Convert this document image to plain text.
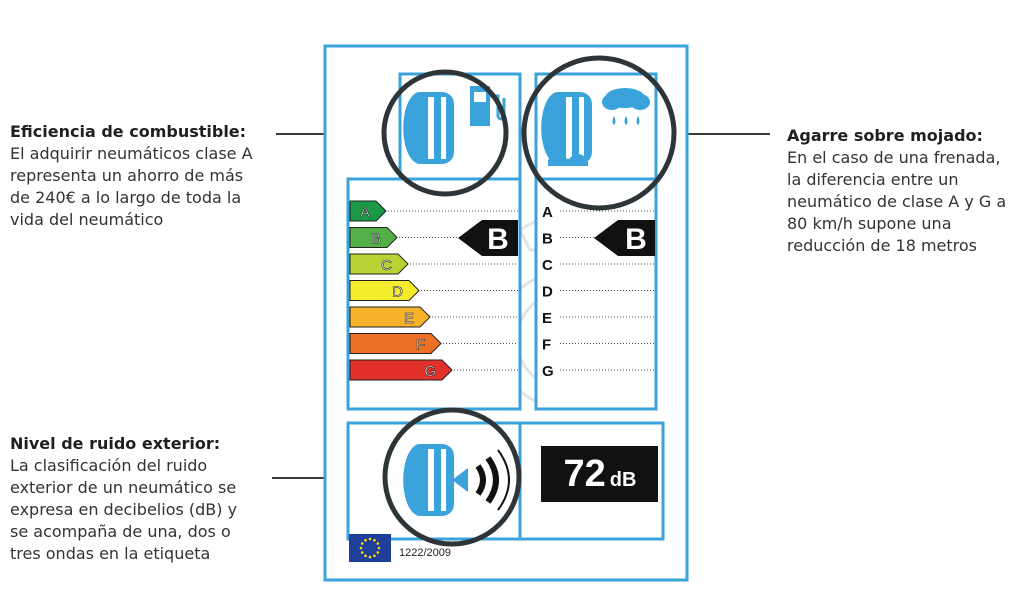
Eficiencia de combustible: El adquirir neumáticos clase A representa un ahorro de más de 240€ a lo largo de toda la vida del neumático
Agarre sobre mojado:
En el caso de una frenada, la diferencia entre un neumático de clase A y G a 80 km/h supone una reducción de 18 metros
Nivel de ruido exterior:
La clasificación del ruido exterior de un neumático se expresa en decibelios (dB) y se acompaña de una, dos o tres ondas en la etiqueta
A
B
C
D
E
F
G
A
B
C
D
E
F
G
B	B
72 dB
1222/2009
